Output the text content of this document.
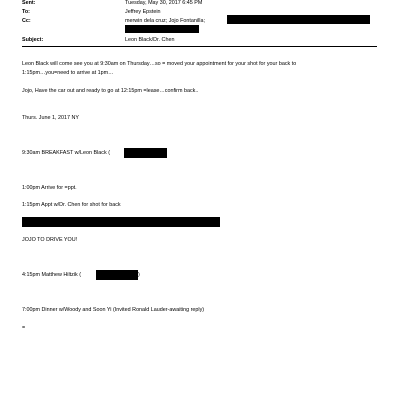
Sent:	Tuesday, May 30, 2017 6:45 PM
To:	Jeffrey Epstein
Cc:	merwin dela cruz; Jojo Fontanilla;
Subject:	Leon Black/Dr. Chen
Leon Black will come see you at 9:30am on Thursday…so = moved your appointment for your shot for your back to
1:15pm…you=need to arrive at 1pm…
Jojo, Have the car out and ready to go at 12:15pm =lease…confirm back..
Thurs. June 1, 2017 NY
9:30am BREAKFAST w/Leon Black (
1:00pm Arrive for =ppt.
1:15pm Appt w/Dr. Chen for shot for back
JOJO TO DRIVE YOU!
4:15pm Matthew Hiltzik (	)
7:00pm Dinner w/Woody and Soon Yi (Invited Ronald Lauder-awaiting reply)
=
